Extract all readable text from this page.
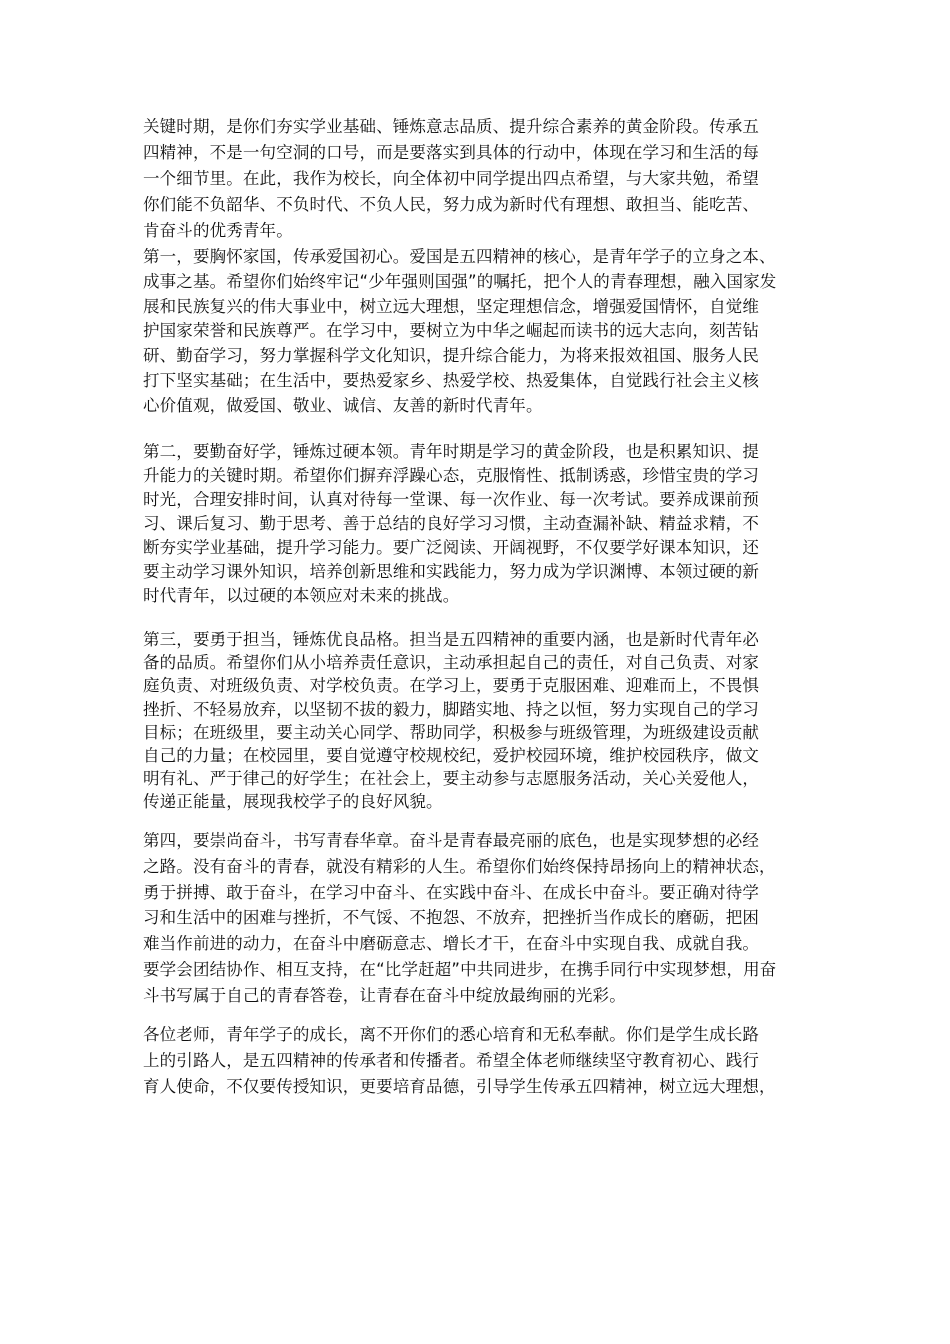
关键时期，是你们夯实学业基础、锤炼意志品质、提升综合素养的黄金阶段。传承五
四精神，不是一句空洞的口号，而是要落实到具体的行动中，体现在学习和生活的每
一个细节里。在此，我作为校长，向全体初中同学提出四点希望，与大家共勉，希望
你们能不负韶华、不负时代、不负人民，努力成为新时代有理想、敢担当、能吃苦、
肯奋斗的优秀青年。
第一，要胸怀家国，传承爱国初心。爱国是五四精神的核心，是青年学子的立身之本、
成事之基。希望你们始终牢记“少年强则国强”的嘱托，把个人的青春理想，融入国家发
展和民族复兴的伟大事业中，树立远大理想，坚定理想信念，增强爱国情怀，自觉维
护国家荣誉和民族尊严。在学习中，要树立为中华之崛起而读书的远大志向，刻苦钻
研、勤奋学习，努力掌握科学文化知识，提升综合能力，为将来报效祖国、服务人民
打下坚实基础；在生活中，要热爱家乡、热爱学校、热爱集体，自觉践行社会主义核
心价值观，做爱国、敬业、诚信、友善的新时代青年。
第二，要勤奋好学，锤炼过硬本领。青年时期是学习的黄金阶段，也是积累知识、提
升能力的关键时期。希望你们摒弃浮躁心态，克服惰性、抵制诱惑，珍惜宝贵的学习
时光，合理安排时间，认真对待每一堂课、每一次作业、每一次考试。要养成课前预
习、课后复习、勤于思考、善于总结的良好学习习惯，主动查漏补缺、精益求精，不
断夯实学业基础，提升学习能力。要广泛阅读、开阔视野，不仅要学好课本知识，还
要主动学习课外知识，培养创新思维和实践能力，努力成为学识渊博、本领过硬的新
时代青年，以过硬的本领应对未来的挑战。
第三，要勇于担当，锤炼优良品格。担当是五四精神的重要内涵，也是新时代青年必
备的品质。希望你们从小培养责任意识，主动承担起自己的责任，对自己负责、对家
庭负责、对班级负责、对学校负责。在学习上，要勇于克服困难、迎难而上，不畏惧
挫折、不轻易放弃，以坚韧不拔的毅力，脚踏实地、持之以恒，努力实现自己的学习
目标；在班级里，要主动关心同学、帮助同学，积极参与班级管理，为班级建设贡献
自己的力量；在校园里，要自觉遵守校规校纪，爱护校园环境，维护校园秩序，做文
明有礼、严于律己的好学生；在社会上，要主动参与志愿服务活动，关心关爱他人，
传递正能量，展现我校学子的良好风貌。
第四，要崇尚奋斗，书写青春华章。奋斗是青春最亮丽的底色，也是实现梦想的必经
之路。没有奋斗的青春，就没有精彩的人生。希望你们始终保持昂扬向上的精神状态，
勇于拼搏、敢于奋斗，在学习中奋斗、在实践中奋斗、在成长中奋斗。要正确对待学
习和生活中的困难与挫折，不气馁、不抱怨、不放弃，把挫折当作成长的磨砺，把困
难当作前进的动力，在奋斗中磨砺意志、增长才干，在奋斗中实现自我、成就自我。
要学会团结协作、相互支持，在“比学赶超”中共同进步，在携手同行中实现梦想，用奋
斗书写属于自己的青春答卷，让青春在奋斗中绽放最绚丽的光彩。
各位老师，青年学子的成长，离不开你们的悉心培育和无私奉献。你们是学生成长路
上的引路人，是五四精神的传承者和传播者。希望全体老师继续坚守教育初心、践行
育人使命，不仅要传授知识，更要培育品德，引导学生传承五四精神，树立远大理想，
